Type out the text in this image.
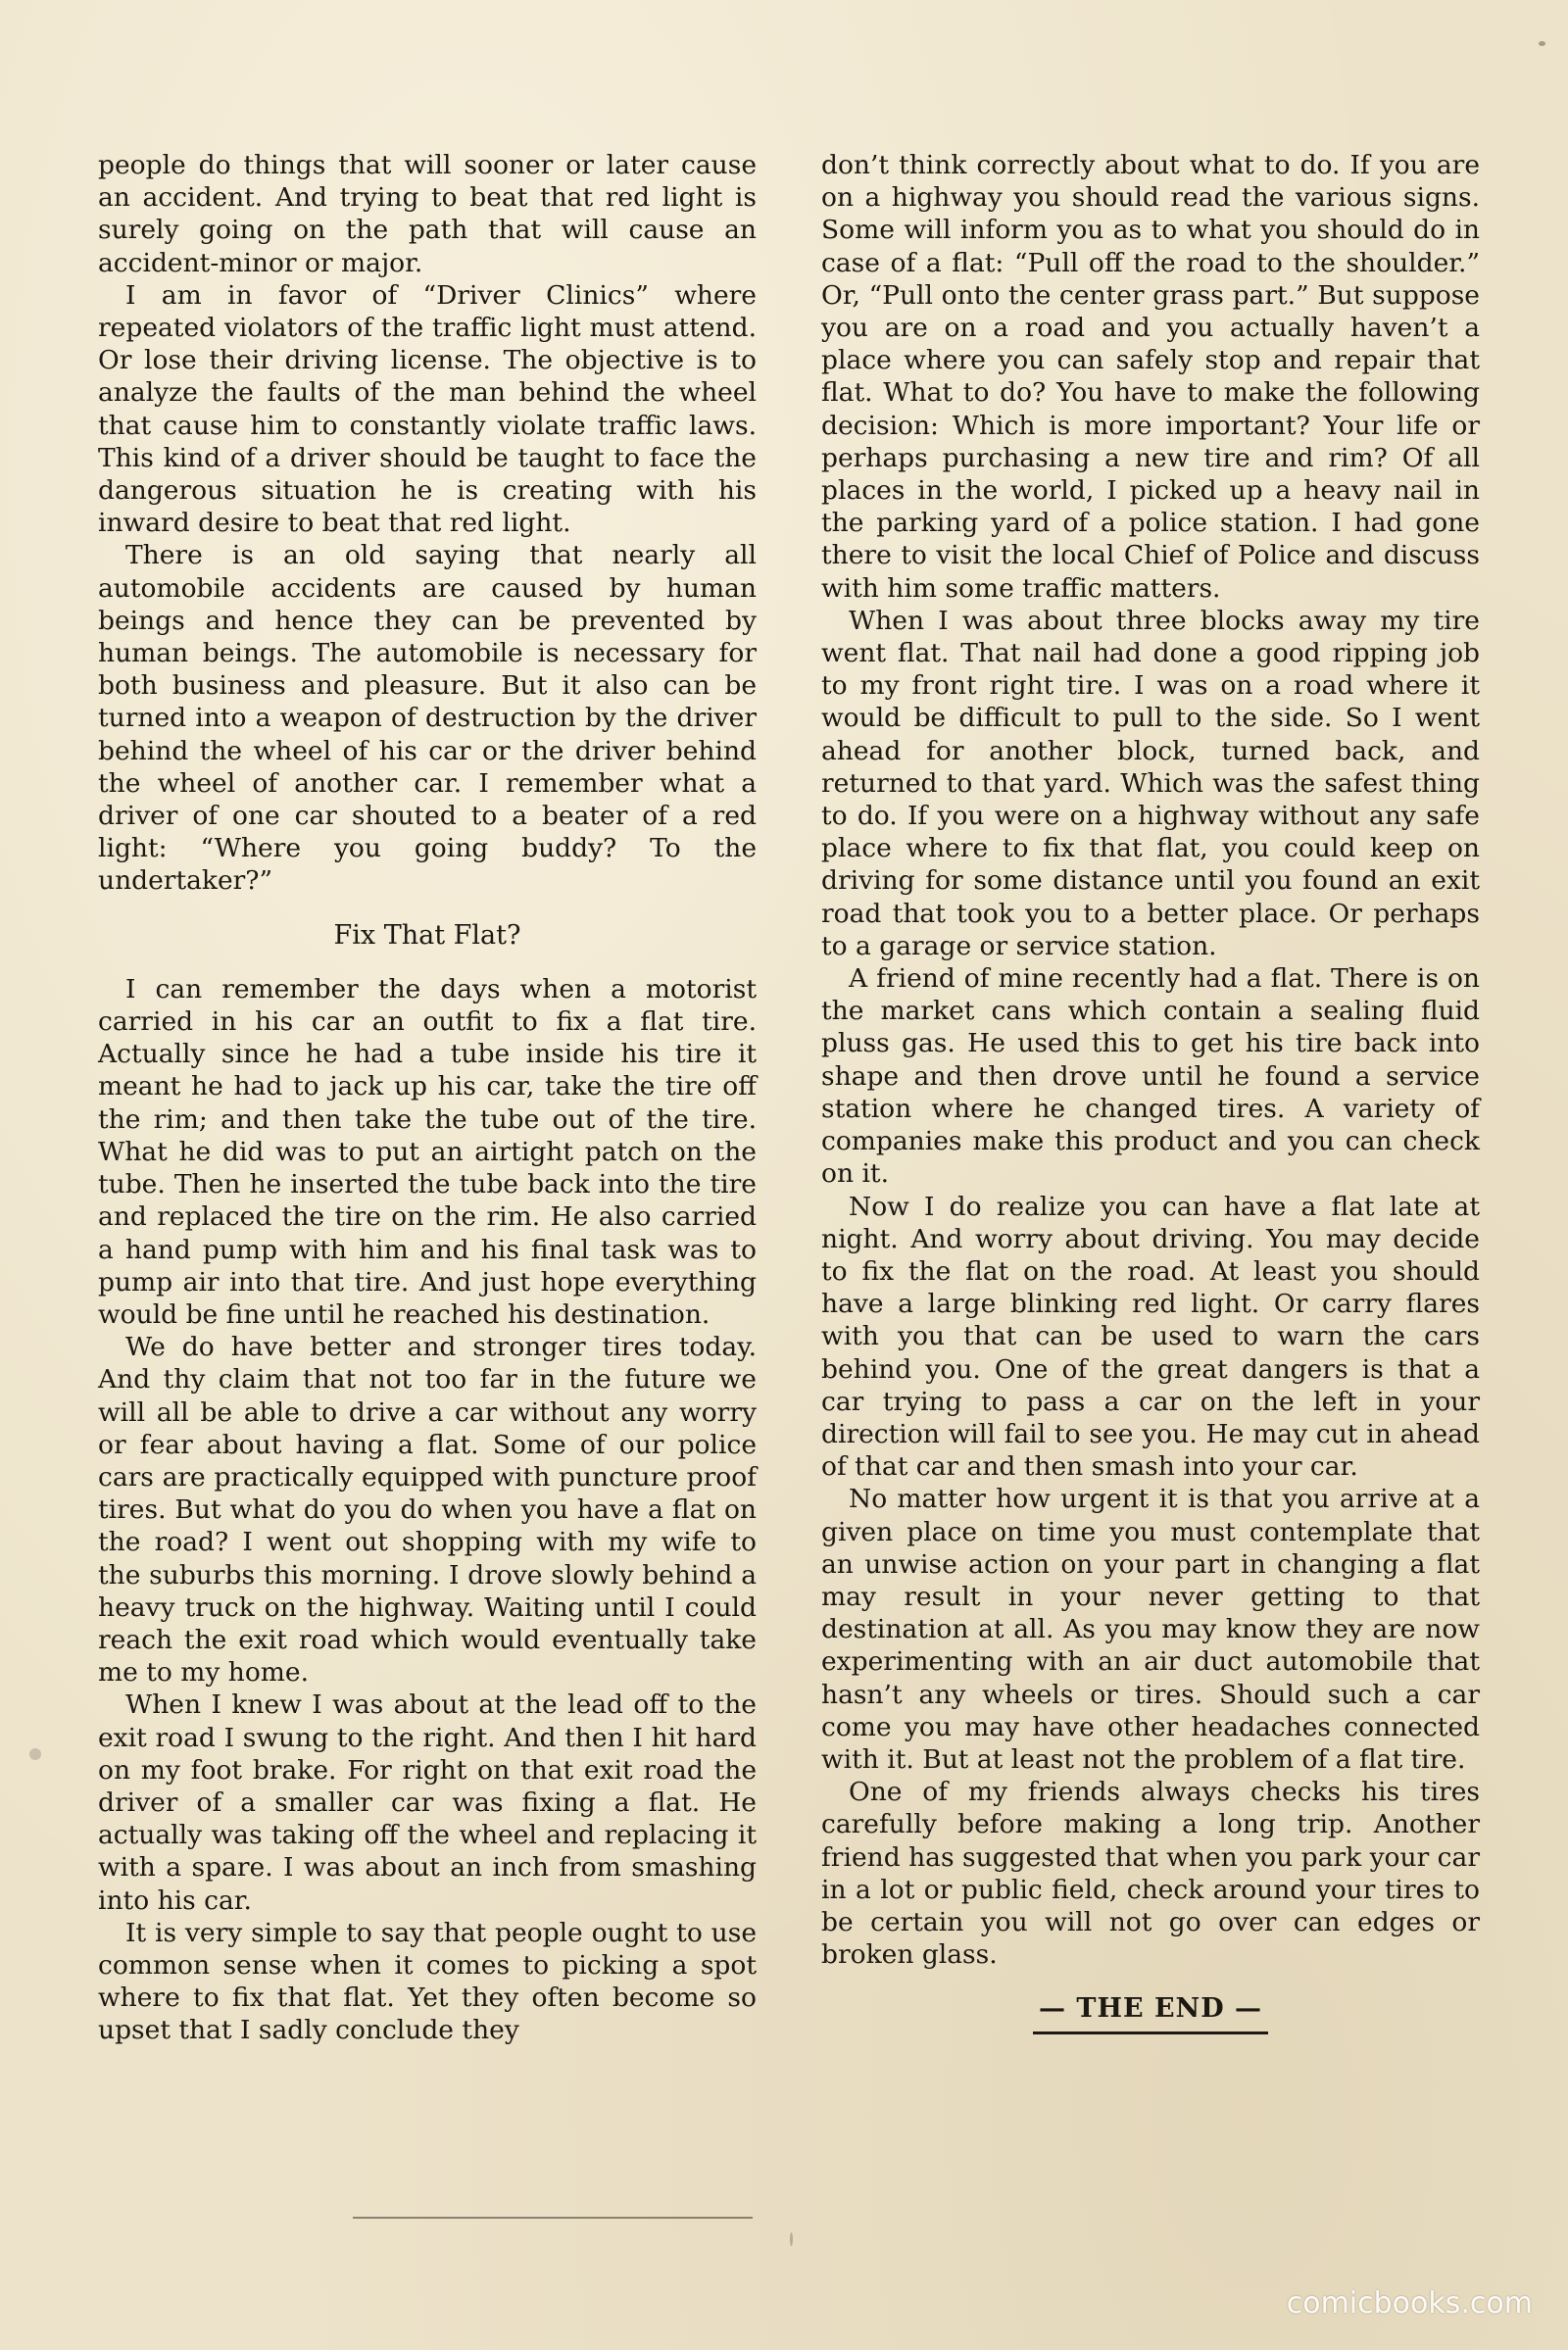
people do things that will sooner or later cause an accident. And trying to beat that red light is surely going on the path that will cause an accident-minor or major.

I am in favor of “Driver Clinics” where repeated violators of the traffic light must attend. Or lose their driving license. The objective is to analyze the faults of the man behind the wheel that cause him to constantly violate traffic laws. This kind of a driver should be taught to face the dangerous situation he is creating with his inward desire to beat that red light.

There is an old saying that nearly all automobile accidents are caused by human beings and hence they can be prevented by human beings. The automobile is necessary for both business and pleasure. But it also can be turned into a weapon of destruction by the driver behind the wheel of his car or the driver behind the wheel of another car. I remember what a driver of one car shouted to a beater of a red light: “Where you going buddy? To the undertaker?”

Fix That Flat?

I can remember the days when a motorist carried in his car an outfit to fix a flat tire. Actually since he had a tube inside his tire it meant he had to jack up his car, take the tire off the rim; and then take the tube out of the tire. What he did was to put an airtight patch on the tube. Then he inserted the tube back into the tire and replaced the tire on the rim. He also carried a hand pump with him and his final task was to pump air into that tire. And just hope everything would be fine until he reached his destination.

We do have better and stronger tires today. And thy claim that not too far in the future we will all be able to drive a car without any worry or fear about having a flat. Some of our police cars are practically equipped with puncture proof tires. But what do you do when you have a flat on the road? I went out shopping with my wife to the suburbs this morning. I drove slowly behind a heavy truck on the highway. Waiting until I could reach the exit road which would eventually take me to my home.

When I knew I was about at the lead off to the exit road I swung to the right. And then I hit hard on my foot brake. For right on that exit road the driver of a smaller car was fixing a flat. He actually was taking off the wheel and replacing it with a spare. I was about an inch from smashing into his car.

It is very simple to say that people ought to use common sense when it comes to picking a spot where to fix that flat. Yet they often become so upset that I sadly conclude they

don’t think correctly about what to do. If you are on a highway you should read the various signs. Some will inform you as to what you should do in case of a flat: “Pull off the road to the shoulder.” Or, “Pull onto the center grass part.” But suppose you are on a road and you actually haven’t a place where you can safely stop and repair that flat. What to do? You have to make the following decision: Which is more important? Your life or perhaps purchasing a new tire and rim? Of all places in the world, I picked up a heavy nail in the parking yard of a police station. I had gone there to visit the local Chief of Police and discuss with him some traffic matters.

When I was about three blocks away my tire went flat. That nail had done a good ripping job to my front right tire. I was on a road where it would be difficult to pull to the side. So I went ahead for another block, turned back, and returned to that yard. Which was the safest thing to do. If you were on a highway without any safe place where to fix that flat, you could keep on driving for some distance until you found an exit road that took you to a better place. Or perhaps to a garage or service station.

A friend of mine recently had a flat. There is on the market cans which contain a sealing fluid pluss gas. He used this to get his tire back into shape and then drove until he found a service station where he changed tires. A variety of companies make this product and you can check on it.

Now I do realize you can have a flat late at night. And worry about driving. You may decide to fix the flat on the road. At least you should have a large blinking red light. Or carry flares with you that can be used to warn the cars behind you. One of the great dangers is that a car trying to pass a car on the left in your direction will fail to see you. He may cut in ahead of that car and then smash into your car.

No matter how urgent it is that you arrive at a given place on time you must contemplate that an unwise action on your part in changing a flat may result in your never getting to that destination at all. As you may know they are now experimenting with an air duct automobile that hasn’t any wheels or tires. Should such a car come you may have other headaches connected with it. But at least not the problem of a flat tire.

One of my friends always checks his tires carefully before making a long trip. Another friend has suggested that when you park your car in a lot or public field, check around your tires to be certain you will not go over can edges or broken glass.

— THE END —
comicbooks.com
